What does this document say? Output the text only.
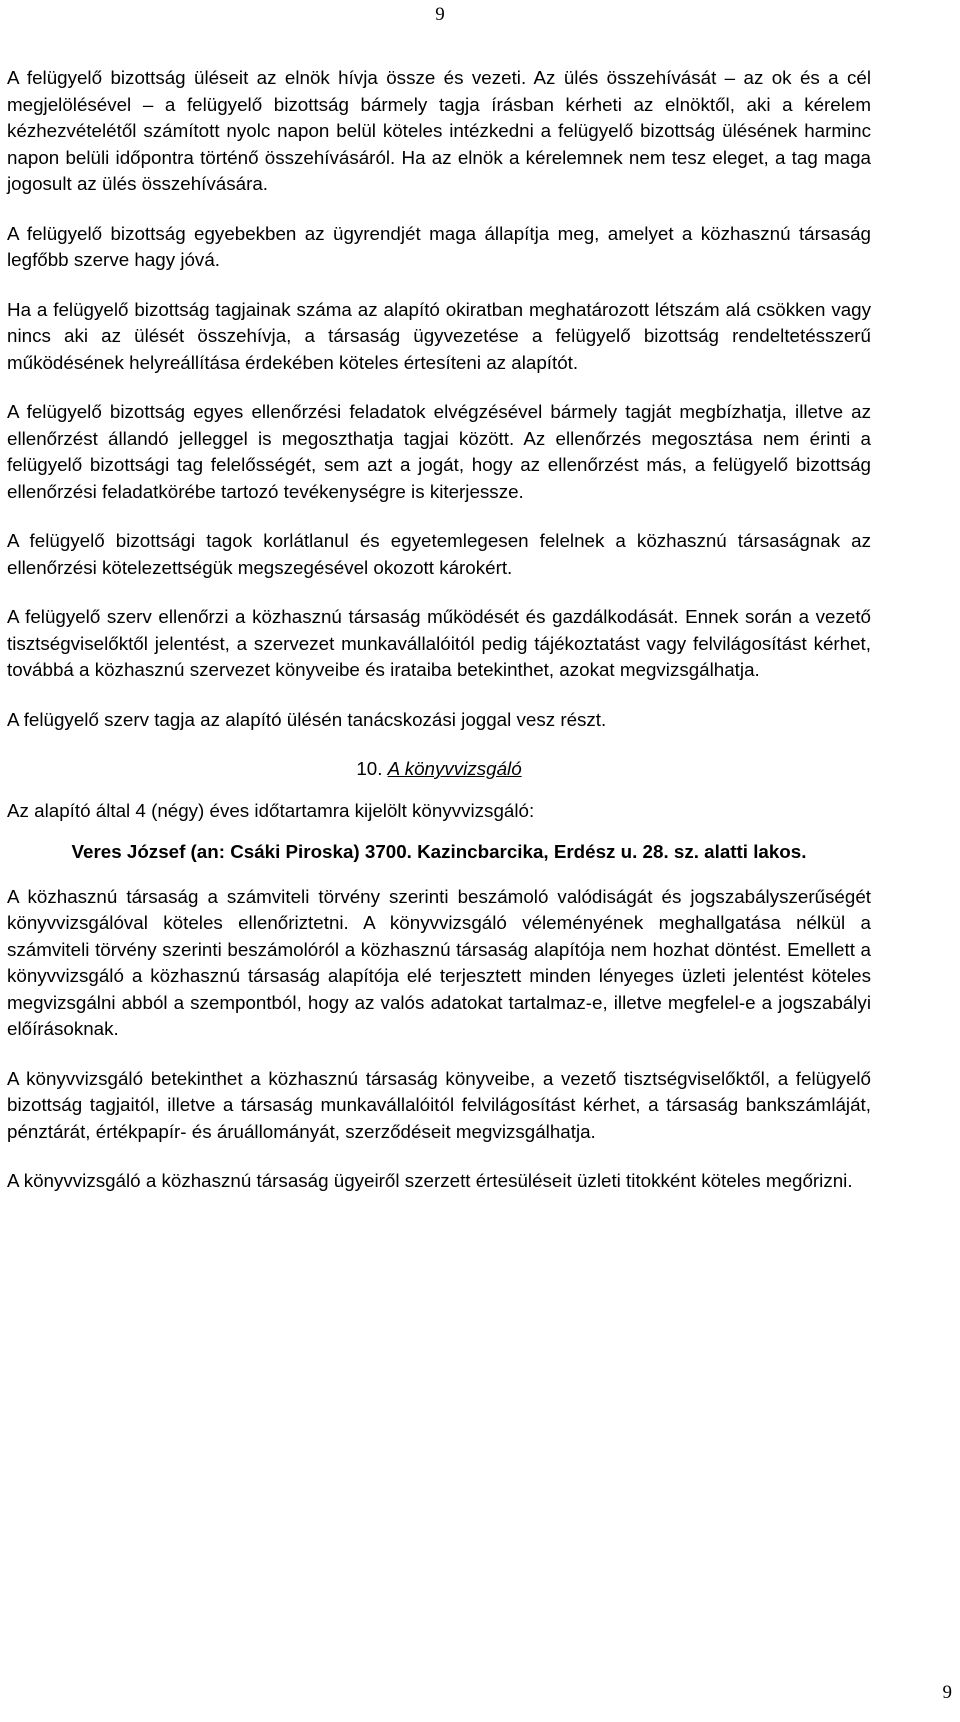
9

A felügyelő bizottság üléseit az elnök hívja össze és vezeti. Az ülés összehívását – az ok és a cél megjelölésével – a felügyelő bizottság bármely tagja írásban kérheti az elnöktől, aki a kérelem kézhezvételétől számított nyolc napon belül köteles intézkedni a felügyelő bizottság ülésének harminc napon belüli időpontra történő összehívásáról. Ha az elnök a kérelemnek nem tesz eleget, a tag maga jogosult az ülés összehívására.

A felügyelő bizottság egyebekben az ügyrendjét maga állapítja meg, amelyet a közhasznú társaság legfőbb szerve hagy jóvá.

Ha a felügyelő bizottság tagjainak száma az alapító okiratban meghatározott létszám alá csökken vagy nincs aki az ülését összehívja, a társaság ügyvezetése a felügyelő bizottság rendeltetésszerű működésének helyreállítása érdekében köteles értesíteni az alapítót.

A felügyelő bizottság egyes ellenőrzési feladatok elvégzésével bármely tagját megbízhatja, illetve az ellenőrzést állandó jelleggel is megoszthatja tagjai között. Az ellenőrzés megosztása nem érinti a felügyelő bizottsági tag felelősségét, sem azt a jogát, hogy az ellenőrzést más, a felügyelő bizottság ellenőrzési feladatkörébe tartozó tevékenységre is kiterjessze.

A felügyelő bizottsági tagok korlátlanul és egyetemlegesen felelnek a közhasznú társaságnak az ellenőrzési kötelezettségük megszegésével okozott károkért.

A felügyelő szerv ellenőrzi a közhasznú társaság működését és gazdálkodását. Ennek során a vezető tisztségviselőktől jelentést, a szervezet munkavállalóitól pedig tájékoztatást vagy felvilágosítást kérhet, továbbá a közhasznú szervezet könyveibe és irataiba betekinthet, azokat megvizsgálhatja.

A felügyelő szerv tagja az alapító ülésén tanácskozási joggal vesz részt.

10. A könyvvizsgáló

Az alapító által 4 (négy) éves időtartamra kijelölt könyvvizsgáló:

Veres József (an: Csáki Piroska) 3700. Kazincbarcika, Erdész u. 28. sz. alatti lakos.

A közhasznú társaság a számviteli törvény szerinti beszámoló valódiságát és jogszabályszerűségét könyvvizsgálóval köteles ellenőriztetni. A könyvvizsgáló véleményének meghallgatása nélkül a számviteli törvény szerinti beszámolóról a közhasznú társaság alapítója nem hozhat döntést. Emellett a könyvvizsgáló a közhasznú társaság alapítója elé terjesztett minden lényeges üzleti jelentést köteles megvizsgálni abból a szempontból, hogy az valós adatokat tartalmaz-e, illetve megfelel-e a jogszabályi előírásoknak.

A könyvvizsgáló betekinthet a közhasznú társaság könyveibe, a vezető tisztségviselőktől, a felügyelő bizottság tagjaitól, illetve a társaság munkavállalóitól felvilágosítást kérhet, a társaság bankszámláját, pénztárát, értékpapír- és áruállományát, szerződéseit megvizsgálhatja.

A könyvvizsgáló a közhasznú társaság ügyeiről szerzett értesüléseit üzleti titokként köteles megőrizni.

9
